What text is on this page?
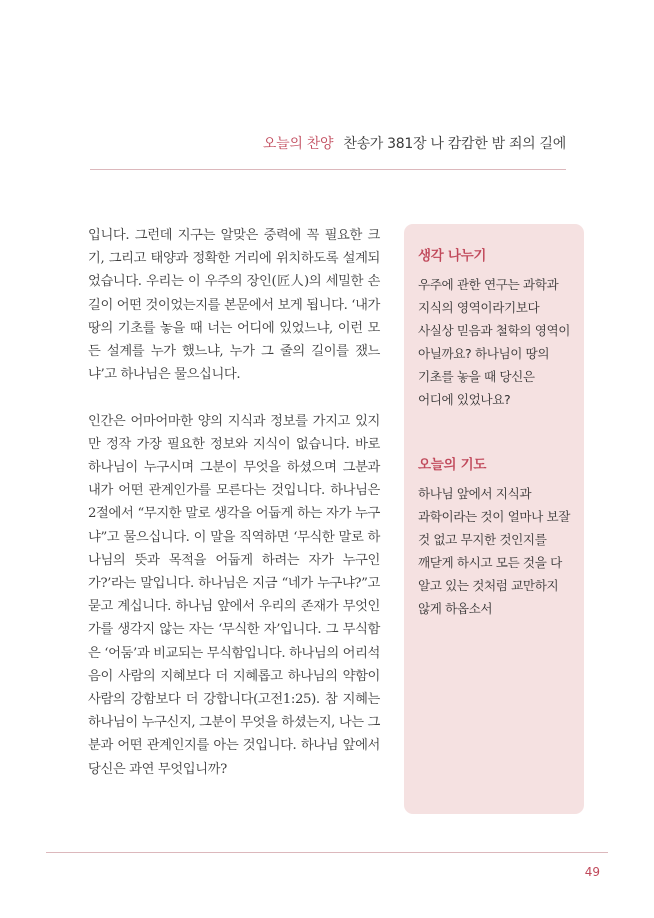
오늘의 찬양 찬송가 381장 나 캄캄한 밤 죄의 길에

입니다. 그런데 지구는 알맞은 중력에 꼭 필요한 크기, 그리고 태양과 정확한 거리에 위치하도록 설계되었습니다. 우리는 이 우주의 장인(匠人)의 세밀한 손길이 어떤 것이었는지를 본문에서 보게 됩니다. ‘내가 땅의 기초를 놓을 때 너는 어디에 있었느냐, 이런 모든 설계를 누가 했느냐, 누가 그 줄의 길이를 쟀느냐’고 하나님은 물으십니다.

인간은 어마어마한 양의 지식과 정보를 가지고 있지만 정작 가장 필요한 정보와 지식이 없습니다. 바로 하나님이 누구시며 그분이 무엇을 하셨으며 그분과 내가 어떤 관계인가를 모른다는 것입니다. 하나님은 2절에서 “무지한 말로 생각을 어둡게 하는 자가 누구냐”고 물으십니다. 이 말을 직역하면 ‘무식한 말로 하나님의 뜻과 목적을 어둡게 하려는 자가 누구인가?’라는 말입니다. 하나님은 지금 “네가 누구냐?”고 묻고 계십니다. 하나님 앞에서 우리의 존재가 무엇인가를 생각지 않는 자는 ‘무식한 자’입니다. 그 무식함은 ‘어둠’과 비교되는 무식함입니다. 하나님의 어리석음이 사람의 지혜보다 더 지혜롭고 하나님의 약함이 사람의 강함보다 더 강합니다(고전1:25). 참 지혜는 하나님이 누구신지, 그분이 무엇을 하셨는지, 나는 그분과 어떤 관계인지를 아는 것입니다. 하나님 앞에서 당신은 과연 무엇입니까?

생각 나누기

우주에 관한 연구는 과학과 지식의 영역이라기보다 사실상 믿음과 철학의 영역이 아닐까요? 하나님이 땅의 기초를 놓을 때 당신은 어디에 있었나요?

오늘의 기도

하나님 앞에서 지식과 과학이라는 것이 얼마나 보잘 것 없고 무지한 것인지를 깨닫게 하시고 모든 것을 다 알고 있는 것처럼 교만하지 않게 하옵소서

49
